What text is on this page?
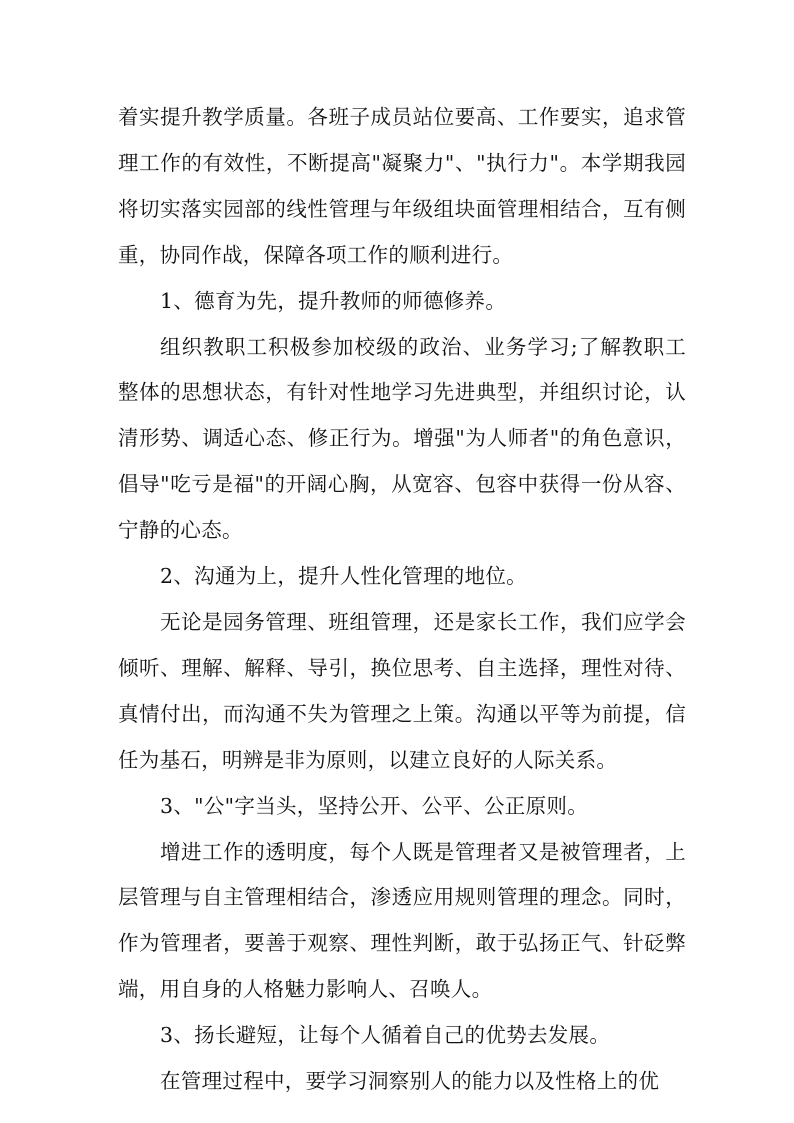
着实提升教学质量。各班子成员站位要高、工作要实，追求管理工作的有效性，不断提高"凝聚力"、"执行力"。本学期我园将切实落实园部的线性管理与年级组块面管理相结合，互有侧重，协同作战，保障各项工作的顺利进行。

1、德育为先，提升教师的师德修养。

组织教职工积极参加校级的政治、业务学习;了解教职工整体的思想状态，有针对性地学习先进典型，并组织讨论，认清形势、调适心态、修正行为。增强"为人师者"的角色意识，倡导"吃亏是福"的开阔心胸，从宽容、包容中获得一份从容、宁静的心态。

2、沟通为上，提升人性化管理的地位。

无论是园务管理、班组管理，还是家长工作，我们应学会倾听、理解、解释、导引，换位思考、自主选择，理性对待、真情付出，而沟通不失为管理之上策。沟通以平等为前提，信任为基石，明辨是非为原则，以建立良好的人际关系。

3、"公"字当头，坚持公开、公平、公正原则。

增进工作的透明度，每个人既是管理者又是被管理者，上层管理与自主管理相结合，渗透应用规则管理的理念。同时，作为管理者，要善于观察、理性判断，敢于弘扬正气、针砭弊端，用自身的人格魅力影响人、召唤人。

3、扬长避短，让每个人循着自己的优势去发展。

在管理过程中，要学习洞察别人的能力以及性格上的优
